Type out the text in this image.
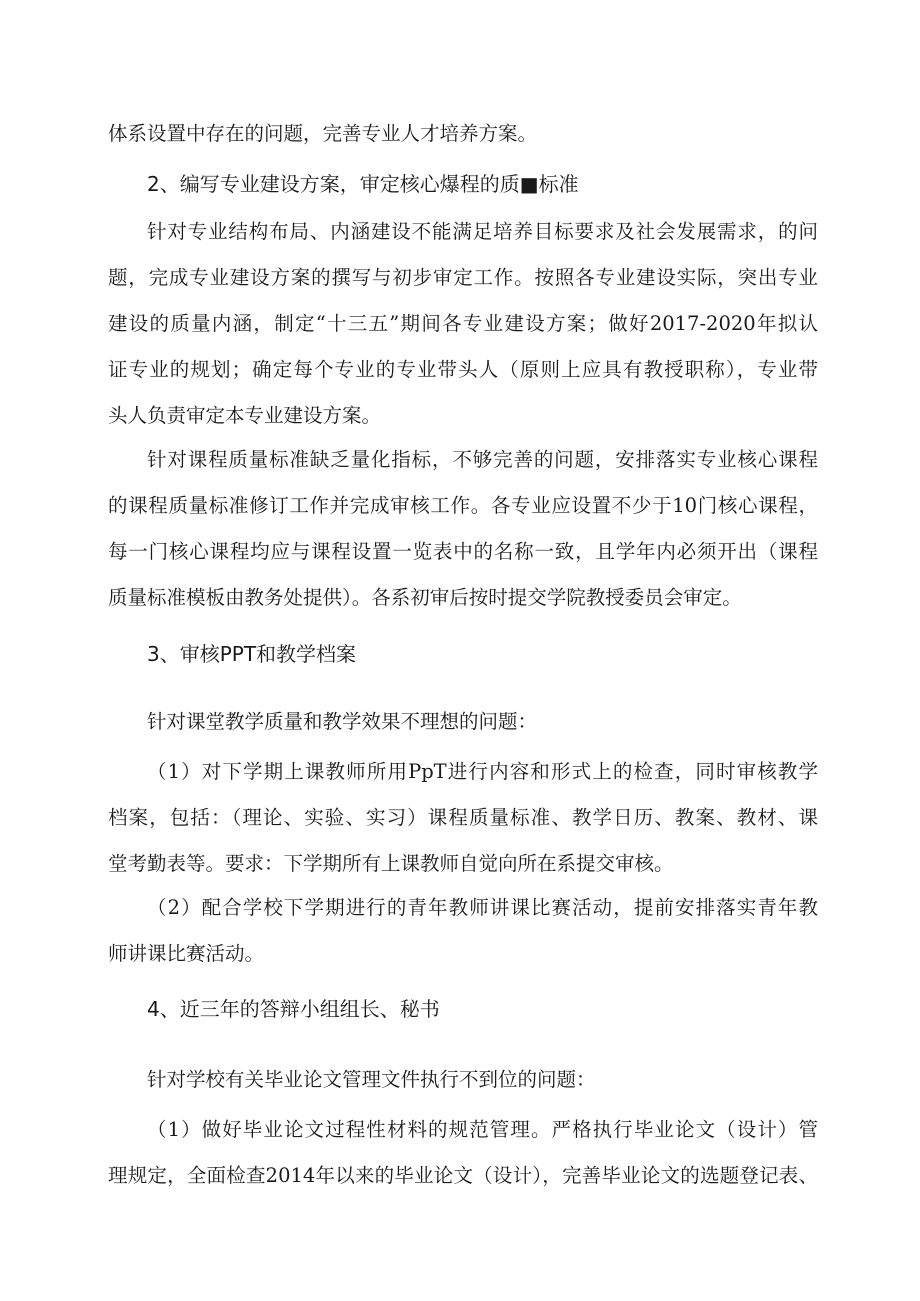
体系设置中存在的问题，完善专业人才培养方案。
2、编写专业建设方案，审定核心爆程的质■标准
针对专业结构布局、内涵建设不能满足培养目标要求及社会发展需求，的问
题，完成专业建设方案的撰写与初步审定工作。按照各专业建设实际，突出专业
建设的质量内涵，制定“十三五”期间各专业建设方案；做好2017-2020年拟认
证专业的规划；确定每个专业的专业带头人（原则上应具有教授职称），专业带
头人负责审定本专业建设方案。
针对课程质量标准缺乏量化指标，不够完善的问题，安排落实专业核心课程
的课程质量标准修订工作并完成审核工作。各专业应设置不少于10门核心课程，
每一门核心课程均应与课程设置一览表中的名称一致，且学年内必须开出（课程
质量标准模板由教务处提供）。各系初审后按时提交学院教授委员会审定。
3、审核PPT和教学档案
针对课堂教学质量和教学效果不理想的问题：
（1）对下学期上课教师所用PpT进行内容和形式上的检查，同时审核教学
档案，包括：（理论、实验、实习）课程质量标准、教学日历、教案、教材、课
堂考勤表等。要求：下学期所有上课教师自觉向所在系提交审核。
（2）配合学校下学期进行的青年教师讲课比赛活动，提前安排落实青年教
师讲课比赛活动。
4、近三年的答辩小组组长、秘书
针对学校有关毕业论文管理文件执行不到位的问题：
（1）做好毕业论文过程性材料的规范管理。严格执行毕业论文（设计）管
理规定，全面检查2014年以来的毕业论文（设计），完善毕业论文的选题登记表、
